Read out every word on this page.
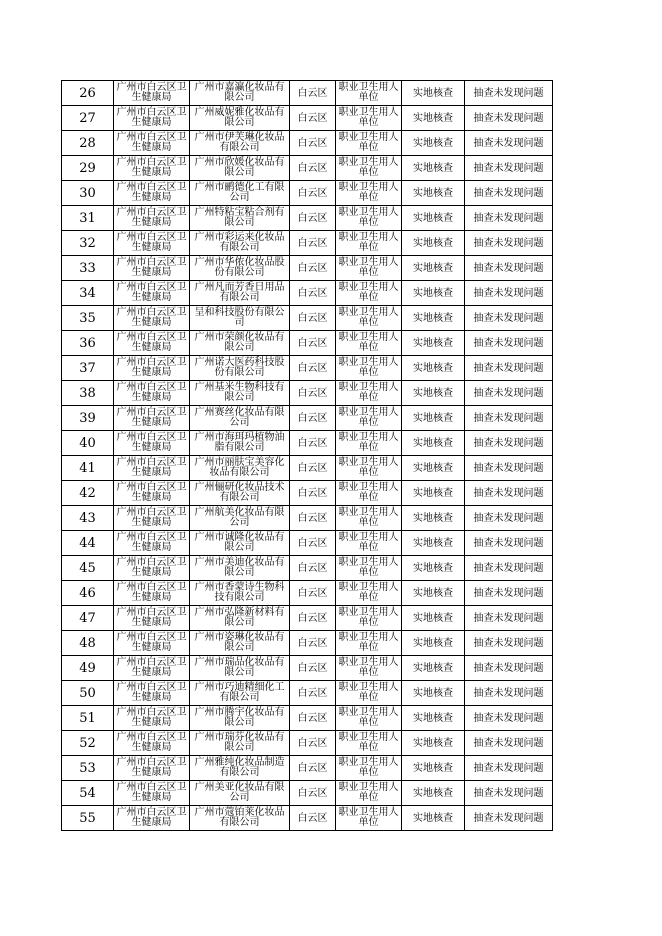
26	广州市白云区卫生健康局	广州市嘉瀛化妆品有限公司	白云区	职业卫生用人单位	实地核查	抽查未发现问题
27	广州市白云区卫生健康局	广州威妮雅化妆品有限公司	白云区	职业卫生用人单位	实地核查	抽查未发现问题
28	广州市白云区卫生健康局	广州市伊芙琳化妆品有限公司	白云区	职业卫生用人单位	实地核查	抽查未发现问题
29	广州市白云区卫生健康局	广州市欣媛化妆品有限公司	白云区	职业卫生用人单位	实地核查	抽查未发现问题
30	广州市白云区卫生健康局	广州市鹂德化工有限公司	白云区	职业卫生用人单位	实地核查	抽查未发现问题
31	广州市白云区卫生健康局	广州特粘宝粘合剂有限公司	白云区	职业卫生用人单位	实地核查	抽查未发现问题
32	广州市白云区卫生健康局	广州市彩运来化妆品有限公司	白云区	职业卫生用人单位	实地核查	抽查未发现问题
33	广州市白云区卫生健康局	广州市华侬化妆品股份有限公司	白云区	职业卫生用人单位	实地核查	抽查未发现问题
34	广州市白云区卫生健康局	广州凡而芳香日用品有限公司	白云区	职业卫生用人单位	实地核查	抽查未发现问题
35	广州市白云区卫生健康局	呈和科技股份有限公司	白云区	职业卫生用人单位	实地核查	抽查未发现问题
36	广州市白云区卫生健康局	广州市荣颜化妆品有限公司	白云区	职业卫生用人单位	实地核查	抽查未发现问题
37	广州市白云区卫生健康局	广州诺大医药科技股份有限公司	白云区	职业卫生用人单位	实地核查	抽查未发现问题
38	广州市白云区卫生健康局	广州基米生物科技有限公司	白云区	职业卫生用人单位	实地核查	抽查未发现问题
39	广州市白云区卫生健康局	广州赛丝化妆品有限公司	白云区	职业卫生用人单位	实地核查	抽查未发现问题
40	广州市白云区卫生健康局	广州市海珥玛植物油脂有限公司	白云区	职业卫生用人单位	实地核查	抽查未发现问题
41	广州市白云区卫生健康局	广州市丽肤宝美容化妆品有限公司	白云区	职业卫生用人单位	实地核查	抽查未发现问题
42	广州市白云区卫生健康局	广州俪研化妆品技术有限公司	白云区	职业卫生用人单位	实地核查	抽查未发现问题
43	广州市白云区卫生健康局	广州航美化妆品有限公司	白云区	职业卫生用人单位	实地核查	抽查未发现问题
44	广州市白云区卫生健康局	广州市诚隆化妆品有限公司	白云区	职业卫生用人单位	实地核查	抽查未发现问题
45	广州市白云区卫生健康局	广州市美迪化妆品有限公司	白云区	职业卫生用人单位	实地核查	抽查未发现问题
46	广州市白云区卫生健康局	广州市香蒙诗生物科技有限公司	白云区	职业卫生用人单位	实地核查	抽查未发现问题
47	广州市白云区卫生健康局	广州市弘隆新材料有限公司	白云区	职业卫生用人单位	实地核查	抽查未发现问题
48	广州市白云区卫生健康局	广州市姿琳化妆品有限公司	白云区	职业卫生用人单位	实地核查	抽查未发现问题
49	广州市白云区卫生健康局	广州市瑞品化妆品有限公司	白云区	职业卫生用人单位	实地核查	抽查未发现问题
50	广州市白云区卫生健康局	广州市巧迪精细化工有限公司	白云区	职业卫生用人单位	实地核查	抽查未发现问题
51	广州市白云区卫生健康局	广州市腾宇化妆品有限公司	白云区	职业卫生用人单位	实地核查	抽查未发现问题
52	广州市白云区卫生健康局	广州市瑞芬化妆品有限公司	白云区	职业卫生用人单位	实地核查	抽查未发现问题
53	广州市白云区卫生健康局	广州雅纯化妆品制造有限公司	白云区	职业卫生用人单位	实地核查	抽查未发现问题
54	广州市白云区卫生健康局	广州美亚化妆品有限公司	白云区	职业卫生用人单位	实地核查	抽查未发现问题
55	广州市白云区卫生健康局	广州市蔻铂莱化妆品有限公司	白云区	职业卫生用人单位	实地核查	抽查未发现问题
